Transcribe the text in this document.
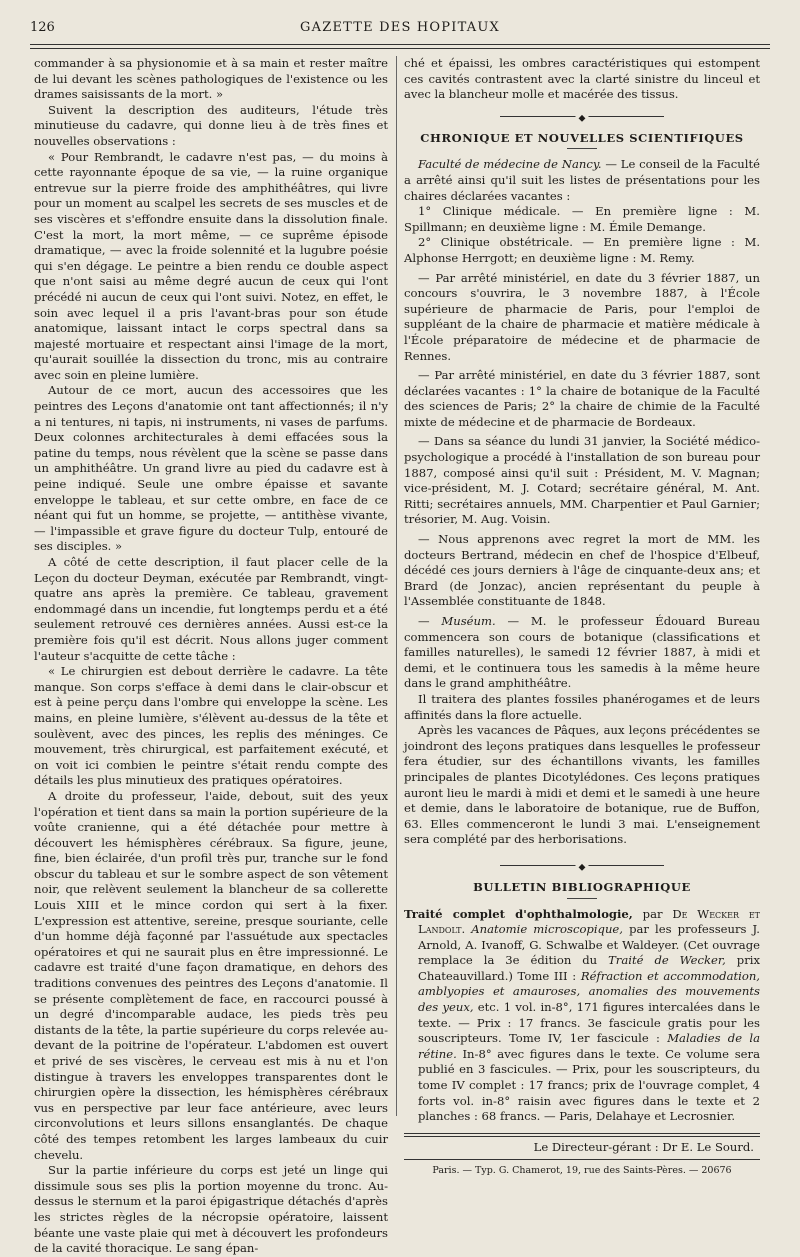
126	GAZETTE DES HOPITAUX

commander à sa physionomie et à sa main et rester maître de lui devant les scènes pathologiques de l'existence ou les drames saisissants de la mort. »

Suivent la description des auditeurs, l'étude très minutieuse du cadavre, qui donne lieu à de très fines et nouvelles observations :

« Pour Rembrandt, le cadavre n'est pas, — du moins à cette rayonnante époque de sa vie, — la ruine organique entrevue sur la pierre froide des amphithéâtres, qui livre pour un moment au scalpel les secrets de ses muscles et de ses viscères et s'effondre ensuite dans la dissolution finale. C'est la mort, la mort même, — ce suprême épisode dramatique, — avec la froide solennité et la lugubre poésie qui s'en dégage. Le peintre a bien rendu ce double aspect que n'ont saisi au même degré aucun de ceux qui l'ont précédé ni aucun de ceux qui l'ont suivi. Notez, en effet, le soin avec lequel il a pris l'avant-bras pour son étude anatomique, laissant intact le corps spectral dans sa majesté mortuaire et respectant ainsi l'image de la mort, qu'aurait souillée la dissection du tronc, mis au contraire avec soin en pleine lumière.

Autour de ce mort, aucun des accessoires que les peintres des Leçons d'anatomie ont tant affectionnés; il n'y a ni tentures, ni tapis, ni instruments, ni vases de parfums. Deux colonnes architecturales à demi effacées sous la patine du temps, nous révèlent que la scène se passe dans un amphithéâtre. Un grand livre au pied du cadavre est à peine indiqué. Seule une ombre épaisse et savante enveloppe le tableau, et sur cette ombre, en face de ce néant qui fut un homme, se projette, — antithèse vivante, — l'impassible et grave figure du docteur Tulp, entouré de ses disciples. »

A côté de cette description, il faut placer celle de la Leçon du docteur Deyman, exécutée par Rembrandt, vingt-quatre ans après la première. Ce tableau, gravement endommagé dans un incendie, fut longtemps perdu et a été seulement retrouvé ces dernières années. Aussi est-ce la première fois qu'il est décrit. Nous allons juger comment l'auteur s'acquitte de cette tâche :

« Le chirurgien est debout derrière le cadavre. La tête manque. Son corps s'efface à demi dans le clair-obscur et est à peine perçu dans l'ombre qui enveloppe la scène. Les mains, en pleine lumière, s'élèvent au-dessus de la tête et soulèvent, avec des pinces, les replis des méninges. Ce mouvement, très chirurgical, est parfaitement exécuté, et on voit ici combien le peintre s'était rendu compte des détails les plus minutieux des pratiques opératoires.

A droite du professeur, l'aide, debout, suit des yeux l'opération et tient dans sa main la portion supérieure de la voûte cranienne, qui a été détachée pour mettre à découvert les hémisphères cérébraux. Sa figure, jeune, fine, bien éclairée, d'un profil très pur, tranche sur le fond obscur du tableau et sur le sombre aspect de son vêtement noir, que relèvent seulement la blancheur de sa collerette Louis XIII et le mince cordon qui sert à la fixer. L'expression est attentive, sereine, presque souriante, celle d'un homme déjà façonné par l'assuétude aux spectacles opératoires et qui ne saurait plus en être impressionné. Le cadavre est traité d'une façon dramatique, en dehors des traditions convenues des peintres des Leçons d'anatomie. Il se présente complètement de face, en raccourci poussé à un degré d'incomparable audace, les pieds très peu distants de la tête, la partie supérieure du corps relevée au-devant de la poitrine de l'opérateur. L'abdomen est ouvert et privé de ses viscères, le cerveau est mis à nu et l'on distingue à travers les enveloppes transparentes dont le chirurgien opère la dissection, les hémisphères cérébraux vus en perspective par leur face antérieure, avec leurs circonvolutions et leurs sillons ensanglantés. De chaque côté des tempes retombent les larges lambeaux du cuir chevelu.

Sur la partie inférieure du corps est jeté un linge qui dissimule sous ses plis la portion moyenne du tronc. Au-dessus le sternum et la paroi épigastrique détachés d'après les strictes règles de la nécropsie opératoire, laissent béante une vaste plaie qui met à découvert les profondeurs de la cavité thoracique. Le sang épan-

ché et épaissi, les ombres caractéristiques qui estompent ces cavités contrastent avec la clarté sinistre du linceul et avec la blancheur molle et macérée des tissus.

⬥
CHRONIQUE ET NOUVELLES SCIENTIFIQUES

Faculté de médecine de Nancy. — Le conseil de la Faculté a arrêté ainsi qu'il suit les listes de présentations pour les chaires déclarées vacantes :

1° Clinique médicale. — En première ligne : M. Spillmann; en deuxième ligne : M. Émile Demange.

2° Clinique obstétricale. — En première ligne : M. Alphonse Herrgott; en deuxième ligne : M. Remy.

— Par arrêté ministériel, en date du 3 février 1887, un concours s'ouvrira, le 3 novembre 1887, à l'École supérieure de pharmacie de Paris, pour l'emploi de suppléant de la chaire de pharmacie et matière médicale à l'École préparatoire de médecine et de pharmacie de Rennes.

— Par arrêté ministériel, en date du 3 février 1887, sont déclarées vacantes : 1° la chaire de botanique de la Faculté des sciences de Paris; 2° la chaire de chimie de la Faculté mixte de médecine et de pharmacie de Bordeaux.

— Dans sa séance du lundi 31 janvier, la Société médico-psychologique a procédé à l'installation de son bureau pour 1887, composé ainsi qu'il suit : Président, M. V. Magnan; vice-président, M. J. Cotard; secrétaire général, M. Ant. Ritti; secrétaires annuels, MM. Charpentier et Paul Garnier; trésorier, M. Aug. Voisin.

— Nous apprenons avec regret la mort de MM. les docteurs Bertrand, médecin en chef de l'hospice d'Elbeuf, décédé ces jours derniers à l'âge de cinquante-deux ans; et Brard (de Jonzac), ancien représentant du peuple à l'Assemblée constituante de 1848.

— Muséum. — M. le professeur Édouard Bureau commencera son cours de botanique (classifications et familles naturelles), le samedi 12 février 1887, à midi et demi, et le continuera tous les samedis à la même heure dans le grand amphithéâtre.

Il traitera des plantes fossiles phanérogames et de leurs affinités dans la flore actuelle.

Après les vacances de Pâques, aux leçons précédentes se joindront des leçons pratiques dans lesquelles le professeur fera étudier, sur des échantillons vivants, les familles principales de plantes Dicotylédones. Ces leçons pratiques auront lieu le mardi à midi et demi et le samedi à une heure et demie, dans le laboratoire de botanique, rue de Buffon, 63. Elles commenceront le lundi 3 mai. L'enseignement sera complété par des herborisations.

⬥
BULLETIN BIBLIOGRAPHIQUE

Traité complet d'ophthalmologie, par De Wecker et Landolt. Anatomie microscopique, par les professeurs J. Arnold, A. Ivanoff, G. Schwalbe et Waldeyer. (Cet ouvrage remplace la 3e édition du Traité de Wecker, prix Chateauvillard.) Tome III : Réfraction et accommodation, amblyopies et amauroses, anomalies des mouvements des yeux, etc. 1 vol. in-8°, 171 figures intercalées dans le texte. — Prix : 17 francs. 3e fascicule gratis pour les souscripteurs. Tome IV, 1er fascicule : Maladies de la rétine. In-8° avec figures dans le texte. Ce volume sera publié en 3 fascicules. — Prix, pour les souscripteurs, du tome IV complet : 17 francs; prix de l'ouvrage complet, 4 forts vol. in-8° raisin avec figures dans le texte et 2 planches : 68 francs. — Paris, Delahaye et Lecrosnier.

Le Directeur-gérant : Dr E. Le Sourd.
Paris. — Typ. G. Chamerot, 19, rue des Saints-Pères. — 20676
